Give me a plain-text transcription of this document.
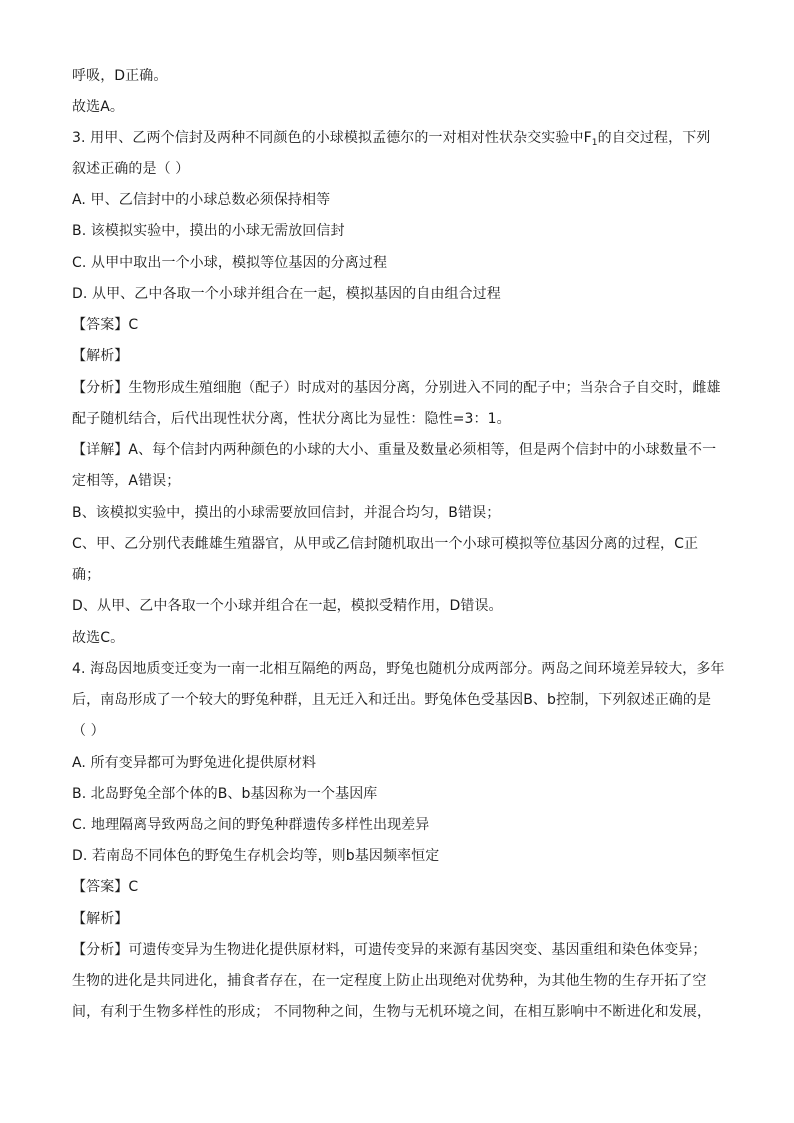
呼吸，D正确。
故选A。
3. 用甲、乙两个信封及两种不同颜色的小球模拟孟德尔的一对相对性状杂交实验中$F_1$的自交过程，下列
叙述正确的是（ ）
A. 甲、乙信封中的小球总数必须保持相等
B. 该模拟实验中，摸出的小球无需放回信封
C. 从甲中取出一个小球，模拟等位基因的分离过程
D. 从甲、乙中各取一个小球并组合在一起，模拟基因的自由组合过程
【答案】C
【解析】
【分析】生物形成生殖细胞（配子）时成对的基因分离，分别进入不同的配子中；当杂合子自交时，雌雄
配子随机结合，后代出现性状分离，性状分离比为显性：隐性=3：1。
【详解】A、每个信封内两种颜色的小球的大小、重量及数量必须相等，但是两个信封中的小球数量不一
定相等，A错误；
B、该模拟实验中，摸出的小球需要放回信封，并混合均匀，B错误；
C、甲、乙分别代表雌雄生殖器官，从甲或乙信封随机取出一个小球可模拟等位基因分离的过程，C正
确；
D、从甲、乙中各取一个小球并组合在一起，模拟受精作用，D错误。
故选C。
4. 海岛因地质变迁变为一南一北相互隔绝的两岛，野兔也随机分成两部分。两岛之间环境差异较大，多年
后，南岛形成了一个较大的野兔种群，且无迁入和迁出。野兔体色受基因B、b控制，下列叙述正确的是
（ ）
A. 所有变异都可为野兔进化提供原材料
B. 北岛野兔全部个体的B、b基因称为一个基因库
C. 地理隔离导致两岛之间的野兔种群遗传多样性出现差异
D. 若南岛不同体色的野兔生存机会均等，则b基因频率恒定
【答案】C
【解析】
【分析】可遗传变异为生物进化提供原材料，可遗传变异的来源有基因突变、基因重组和染色体变异；
生物的进化是共同进化，捕食者存在，在一定程度上防止出现绝对优势种，为其他生物的生存开拓了空
间，有利于生物多样性的形成； 不同物种之间，生物与无机环境之间，在相互影响中不断进化和发展，
